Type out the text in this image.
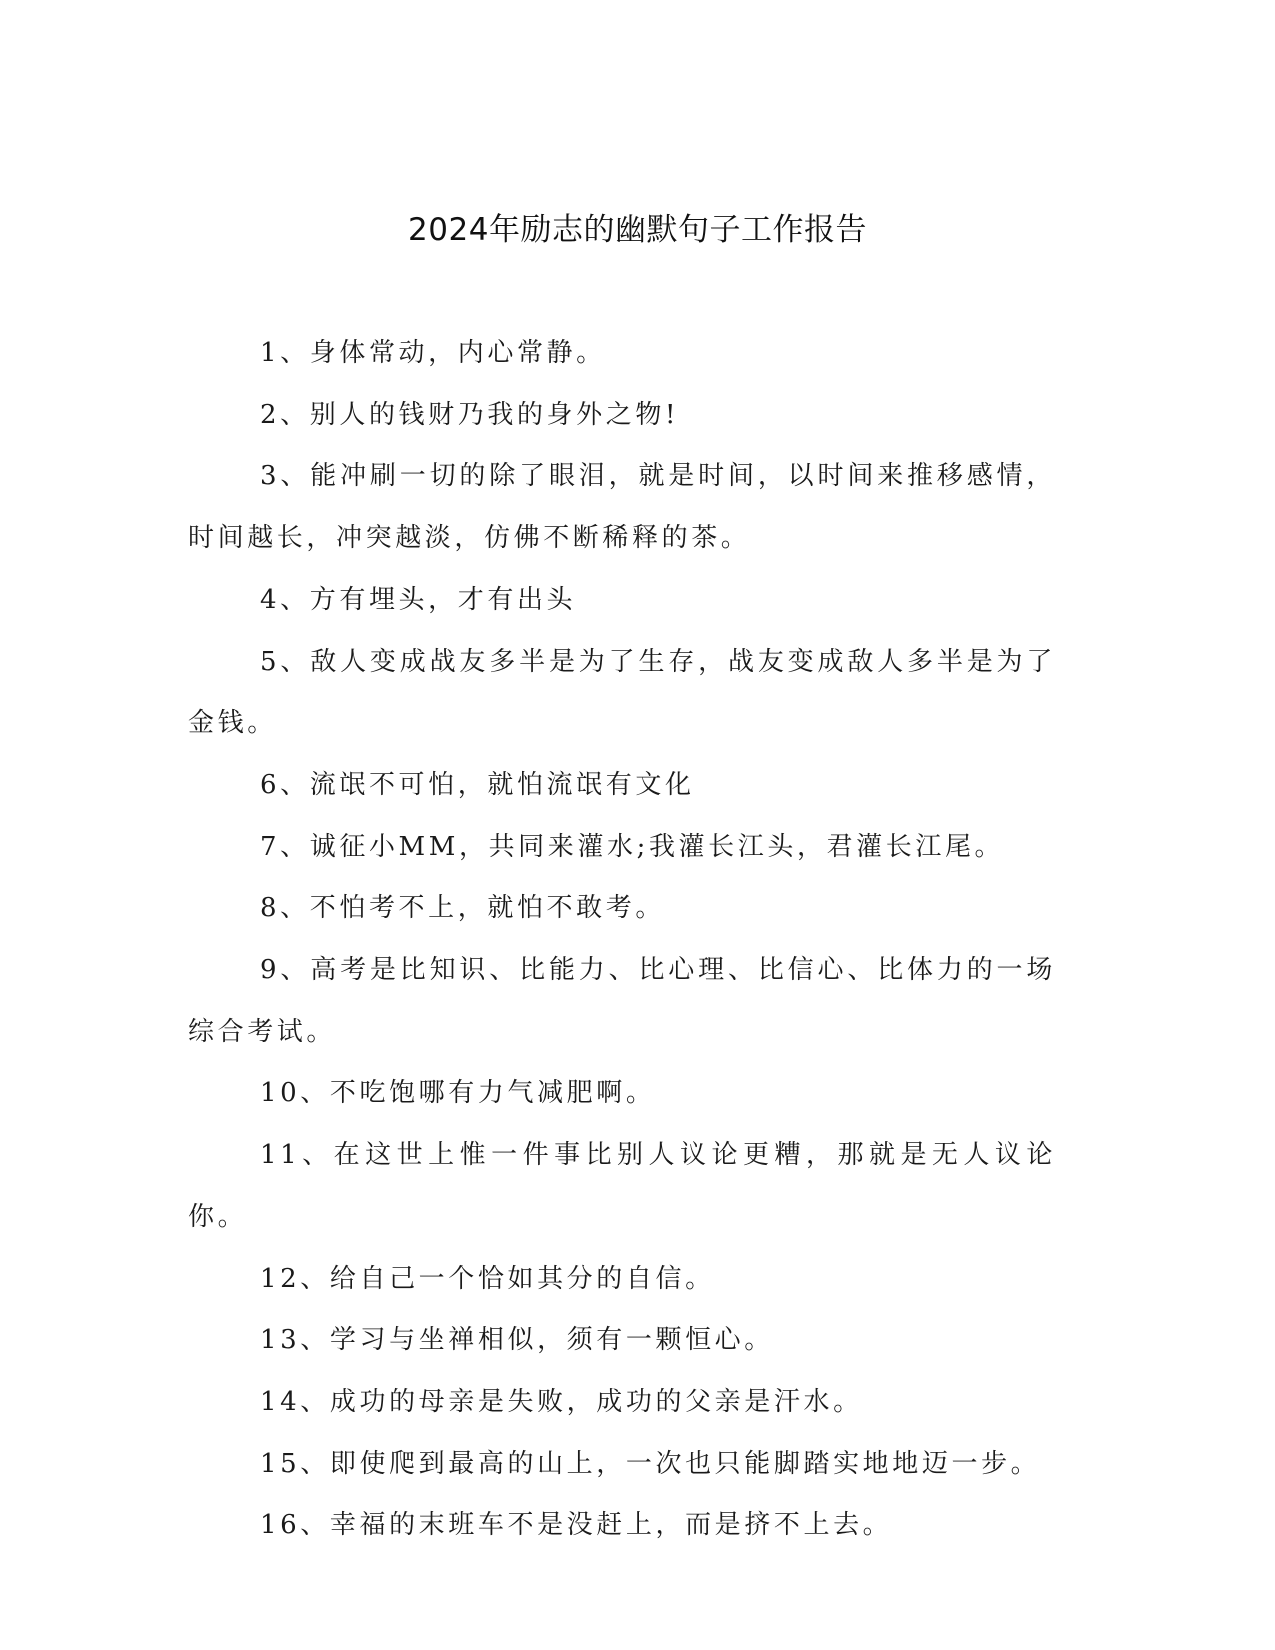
2024年励志的幽默句子工作报告

1、身体常动，内心常静。

2、别人的钱财乃我的身外之物!

3、能冲刷一切的除了眼泪，就是时间，以时间来推移感情，时间越长，冲突越淡，仿佛不断稀释的茶。

4、方有埋头，才有出头

5、敌人变成战友多半是为了生存，战友变成敌人多半是为了金钱。

6、流氓不可怕，就怕流氓有文化

7、诚征小MM，共同来灌水;我灌长江头，君灌长江尾。

8、不怕考不上，就怕不敢考。

9、高考是比知识、比能力、比心理、比信心、比体力的一场综合考试。

10、不吃饱哪有力气减肥啊。

11、在这世上惟一件事比别人议论更糟，那就是无人议论你。

12、给自己一个恰如其分的自信。

13、学习与坐禅相似，须有一颗恒心。

14、成功的母亲是失败，成功的父亲是汗水。

15、即使爬到最高的山上，一次也只能脚踏实地地迈一步。

16、幸福的末班车不是没赶上，而是挤不上去。
